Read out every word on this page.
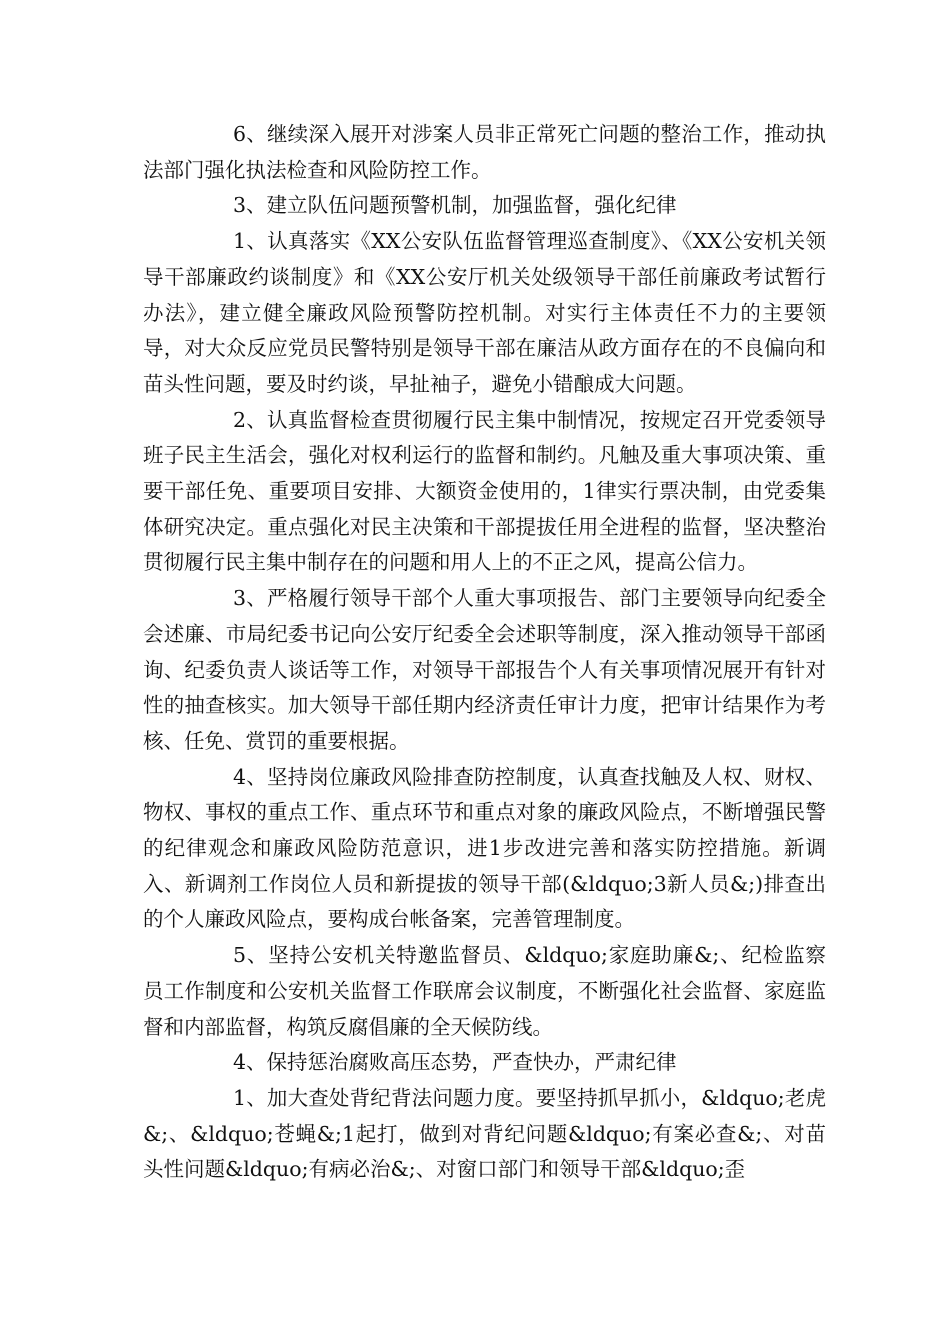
6、继续深入展开对涉案人员非正常死亡问题的整治工作，推动执法部门强化执法检查和风险防控工作。

3、建立队伍问题预警机制，加强监督，强化纪律

1、认真落实《XX公安队伍监督管理巡查制度》、《XX公安机关领导干部廉政约谈制度》和《XX公安厅机关处级领导干部任前廉政考试暂行办法》，建立健全廉政风险预警防控机制。对实行主体责任不力的主要领导，对大众反应党员民警特别是领导干部在廉洁从政方面存在的不良偏向和苗头性问题，要及时约谈，早扯袖子，避免小错酿成大问题。

2、认真监督检查贯彻履行民主集中制情况，按规定召开党委领导班子民主生活会，强化对权利运行的监督和制约。凡触及重大事项决策、重要干部任免、重要项目安排、大额资金使用的，1律实行票决制，由党委集体研究决定。重点强化对民主决策和干部提拔任用全进程的监督，坚决整治贯彻履行民主集中制存在的问题和用人上的不正之风，提高公信力。

3、严格履行领导干部个人重大事项报告、部门主要领导向纪委全会述廉、市局纪委书记向公安厅纪委全会述职等制度，深入推动领导干部函询、纪委负责人谈话等工作，对领导干部报告个人有关事项情况展开有针对性的抽查核实。加大领导干部任期内经济责任审计力度，把审计结果作为考核、任免、赏罚的重要根据。

4、坚持岗位廉政风险排查防控制度，认真查找触及人权、财权、物权、事权的重点工作、重点环节和重点对象的廉政风险点，不断增强民警的纪律观念和廉政风险防范意识，进1步改进完善和落实防控措施。新调入、新调剂工作岗位人员和新提拔的领导干部(&ldquo;3新人员&;)排查出的个人廉政风险点，要构成台帐备案，完善管理制度。

5、坚持公安机关特邀监督员、&ldquo;家庭助廉&;、纪检监察员工作制度和公安机关监督工作联席会议制度，不断强化社会监督、家庭监督和内部监督，构筑反腐倡廉的全天候防线。

4、保持惩治腐败高压态势，严查快办，严肃纪律

1、加大查处背纪背法问题力度。要坚持抓早抓小，&ldquo;老虎&;、&ldquo;苍蝇&;1起打，做到对背纪问题&ldquo;有案必查&;、对苗头性问题&ldquo;有病必治&;、对窗口部门和领导干部&ldquo;歪
